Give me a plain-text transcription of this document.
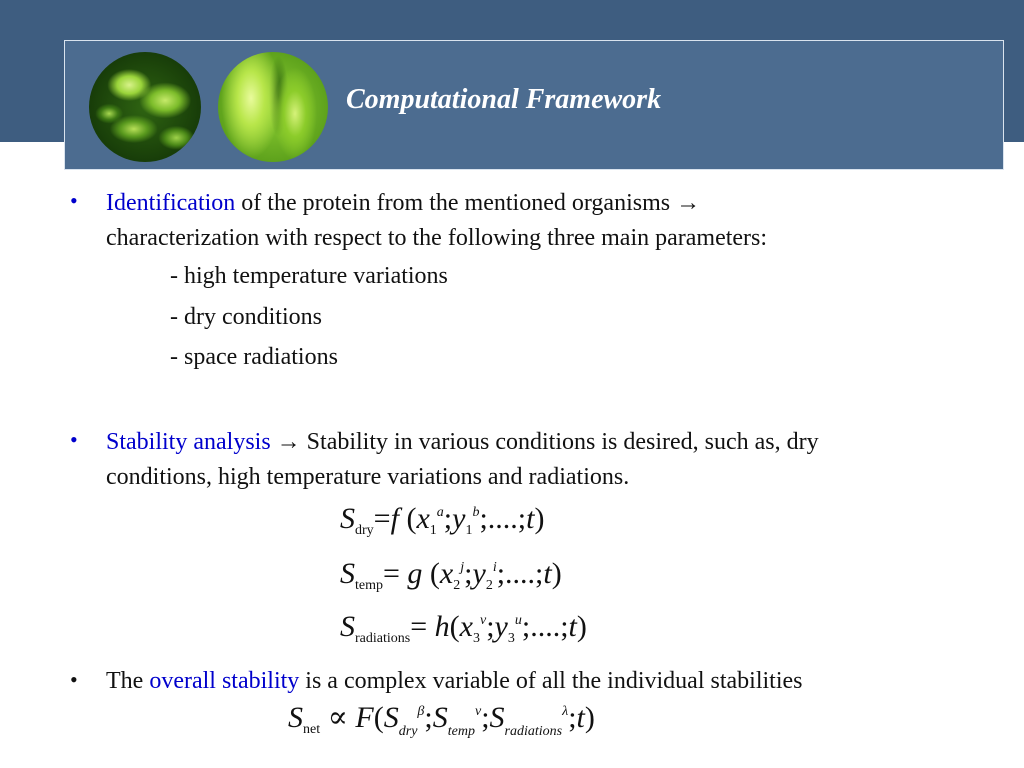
Computational Framework
• Identification of the protein from the mentioned organisms →
characterization with respect to the following three main parameters:
- high temperature variations
- dry conditions
- space radiations
• Stability analysis → Stability in various conditions is desired, such as, dry
conditions, high temperature variations and radiations.
$S_{dry}=f$ $(x_1^a;y_1^b;....;t)$
$S_{temp}= g$ $(x_2^j;y_2^i;....;t)$
$S_{radiations}=$ $h(x_3^v;y_3^u;....;t)$
• The overall stability is a complex variable of all the individual stabilities
$S_{net}$ ∝ $F(S_{dry}^\beta;S_{temp}^\nu;S_{radiations}^\lambda;t)$
